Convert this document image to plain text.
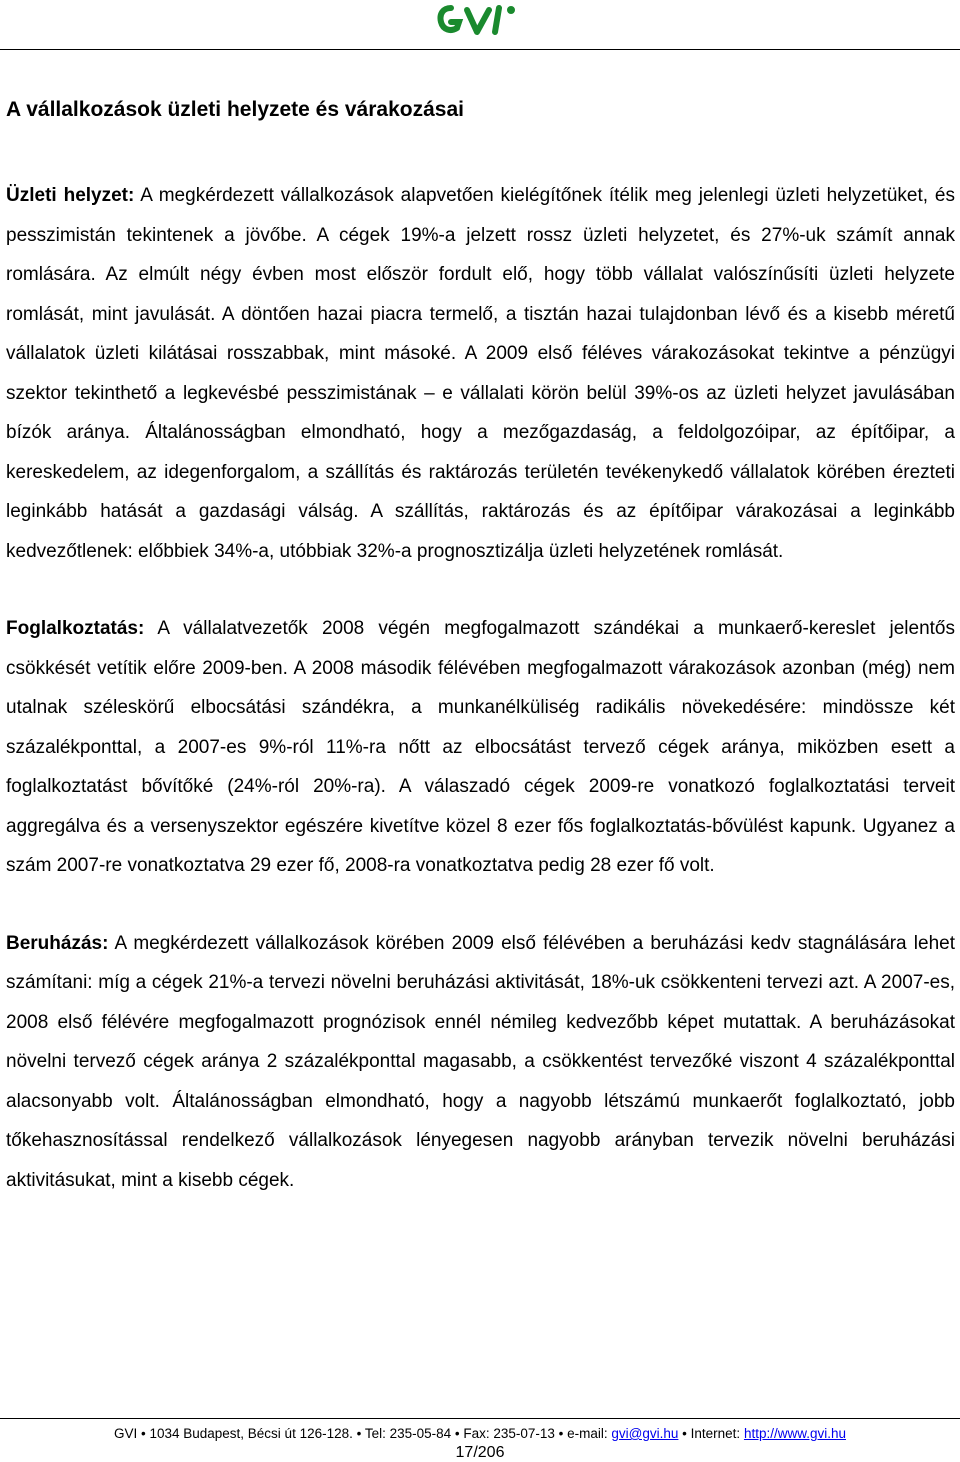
A vállalkozások üzleti helyzete és várakozásai

Üzleti helyzet: A megkérdezett vállalkozások alapvetően kielégítőnek ítélik meg jelenlegi üzleti helyzetüket, és pesszimistán tekintenek a jövőbe. A cégek 19%-a jelzett rossz üzleti helyzetet, és 27%-uk számít annak romlására. Az elmúlt négy évben most először fordult elő, hogy több vállalat valószínűsíti üzleti helyzete romlását, mint javulását. A döntően hazai piacra termelő, a tisztán hazai tulajdonban lévő és a kisebb méretű vállalatok üzleti kilátásai rosszabbak, mint másoké. A 2009 első féléves várakozásokat tekintve a pénzügyi szektor tekinthető a legkevésbé pesszimistának – e vállalati körön belül 39%-os az üzleti helyzet javulásában bízók aránya. Általánosságban elmondható, hogy a mezőgazdaság, a feldolgozóipar, az építőipar, a kereskedelem, az idegenforgalom, a szállítás és raktározás területén tevékenykedő vállalatok körében érezteti leginkább hatását a gazdasági válság. A szállítás, raktározás és az építőipar várakozásai a leginkább kedvezőtlenek: előbbiek 34%-a, utóbbiak 32%-a prognosztizálja üzleti helyzetének romlását.

Foglalkoztatás: A vállalatvezetők 2008 végén megfogalmazott szándékai a munkaerő-kereslet jelentős csökkését vetítik előre 2009-ben. A 2008 második félévében megfogalmazott várakozások azonban (még) nem utalnak széleskörű elbocsátási szándékra, a munkanélküliség radikális növekedésére: mindössze két százalékponttal, a 2007-es 9%-ról 11%-ra nőtt az elbocsátást tervező cégek aránya, miközben esett a foglalkoztatást bővítőké (24%-ról 20%-ra). A válaszadó cégek 2009-re vonatkozó foglalkoztatási terveit aggregálva és a versenyszektor egészére kivetítve közel 8 ezer fős foglalkoztatás-bővülést kapunk. Ugyanez a szám 2007-re vonatkoztatva 29 ezer fő, 2008-ra vonatkoztatva pedig 28 ezer fő volt.

Beruházás: A megkérdezett vállalkozások körében 2009 első félévében a beruházási kedv stagnálására lehet számítani: míg a cégek 21%-a tervezi növelni beruházási aktivitását, 18%-uk csökkenteni tervezi azt. A 2007-es, 2008 első félévére megfogalmazott prognózisok ennél némileg kedvezőbb képet mutattak. A beruházásokat növelni tervező cégek aránya 2 százalékponttal magasabb, a csökkentést tervezőké viszont 4 százalékponttal alacsonyabb volt. Általánosságban elmondható, hogy a nagyobb létszámú munkaerőt foglalkoztató, jobb tőkehasznosítással rendelkező vállalkozások lényegesen nagyobb arányban tervezik növelni beruházási aktivitásukat, mint a kisebb cégek.

GVI • 1034 Budapest, Bécsi út 126-128. • Tel: 235-05-84 • Fax: 235-07-13 • e-mail: gvi@gvi.hu • Internet: http://www.gvi.hu
17/206
